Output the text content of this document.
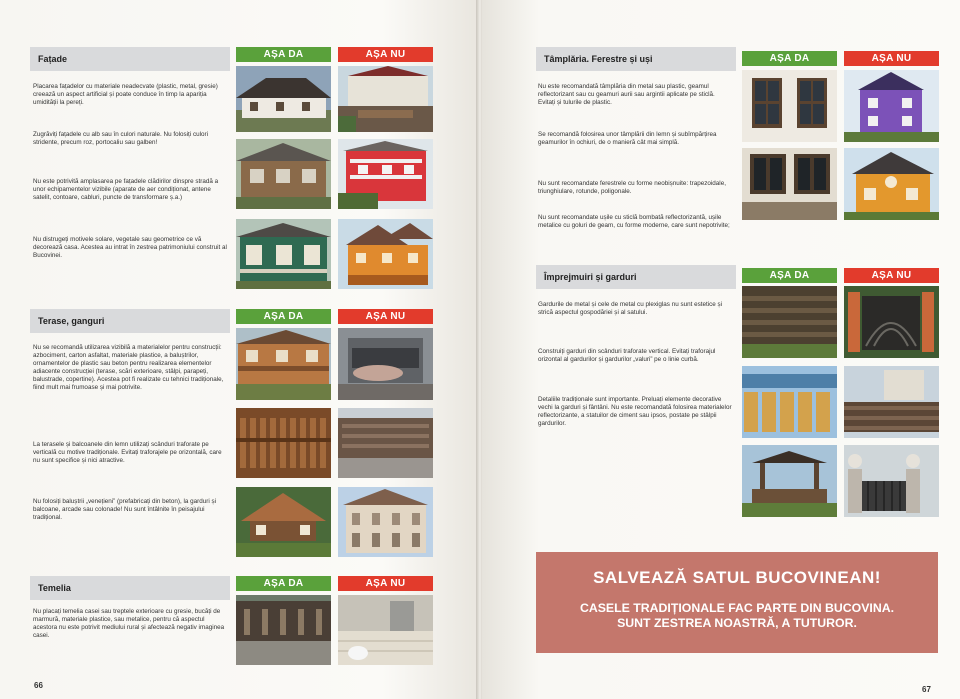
Fațade	AȘA DA	AȘA NU
Placarea fațadelor cu materiale neadecvate (plastic, metal, gresie) creează un aspect artificial și poate conduce în timp la apariția umidității la pereți.
Zugrăviți fațadele cu alb sau în culori naturale. Nu folosiți culori stridente, precum roz, portocaliu sau galben!
Nu este potrivită amplasarea pe fațadele clădirilor dinspre stradă a unor echipamentelor vizibile (aparate de aer condiționat, antene satelit, contoare, cabluri, puncte de transformare ș.a.)
Nu distrugeți motivele solare, vegetale sau geometrice ce vă decorează casa. Acestea au intrat în zestrea patrimoniului construit al Bucovinei.
Terase, ganguri	AȘA DA	AȘA NU
Nu se recomandă utilizarea vizibilă a materialelor pentru construcții: azbociment, carton asfaltat, materiale plastice, a baluștrilor, ornamentelor de plastic sau beton pentru realizarea elementelor adiacente construcției (terase, scări exterioare, stâlpi, parapeți, balustrade, copertine). Acestea pot fi realizate cu tehnici tradiționale, fiind mult mai frumoase și mai potrivite.
La terasele și balcoanele din lemn utilizați scânduri traforate pe verticală cu motive tradiționale. Evitați traforajele pe orizontală, care nu sunt specifice și nici atractive.
Nu folosiți baluștrii „venețieni” (prefabricați din beton), la garduri și balcoane, arcade sau colonade! Nu sunt întâlnite în peisajului tradițional.
Temelia	AȘA DA	AȘA NU
Nu placați temelia casei sau treptele exterioare cu gresie, bucăți de marmură, materiale plastice, sau metalice, pentru că aspectul acestora nu este potrivit mediului rural și afectează negativ imaginea casei.
66
Tâmplăria. Ferestre și uși	AȘA DA	AȘA NU
Nu este recomandată tâmplăria din metal sau plastic, geamul reflectorizant sau cu geamuri aurii sau argintii aplicate pe sticlă. Evitați și tulurile de plastic.
Se recomandă folosirea unor tâmplării din lemn și subîmpărțirea geamurilor în ochiuri, de o manieră cât mai simplă.
Nu sunt recomandate ferestrele cu forme neobișnuite: trapezoidale, triunghiulare, rotunde, poligonale.
Nu sunt recomandate ușile cu sticlă bombată reflectorizantă, ușile metalice cu goluri de geam, cu forme moderne, care sunt nepotrivite;
Împrejmuiri și garduri	AȘA DA	AȘA NU
Gardurile de metal și cele de metal cu plexiglas nu sunt estetice și strică aspectul gospodăriei și al satului.
Construiți garduri din scânduri traforate vertical. Evitați traforajul orizontal al gardurilor și gardurilor „valuri” pe o linie curbă.
Detaliile tradiționale sunt importante. Preluați elemente decorative vechi la garduri și fântâni. Nu este recomandată folosirea materialelor reflectorizante, a statuilor de ciment sau ipsos, postate pe stâlpii gardurilor.
SALVEAZĂ SATUL BUCOVINEAN!
CASELE TRADIȚIONALE FAC PARTE DIN BUCOVINA.
SUNT ZESTREA NOASTRĂ, A TUTUROR.
67
